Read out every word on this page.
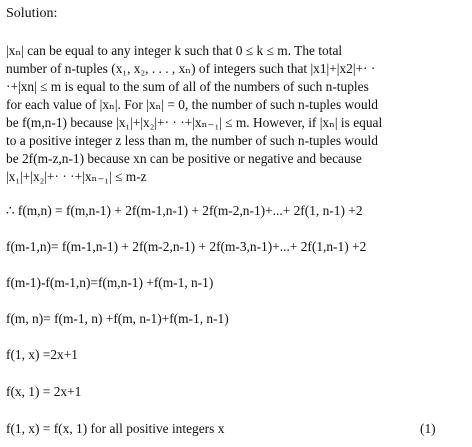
Solution:
|xₙ| can be equal to any integer k such that 0 ≤ k ≤ m. The total
number of n-tuples (x₁, x₂, . . . , xₙ) of integers such that |x1|+|x2|+· ·
·+|xn| ≤ m is equal to the sum of all of the numbers of such n-tuples
for each value of |xₙ|. For |xₙ| = 0, the number of such n-tuples would
be f(m,n-1) because |x₁|+|x₂|+· · ·+|xₙ₋₁| ≤ m. However, if |xₙ| is equal
to a positive integer z less than m, the number of such n-tuples would
be 2f(m-z,n-1) because xn can be positive or negative and because
|x₁|+|x₂|+· · ·+|xₙ₋₁| ≤ m-z
∴ f(m,n) = f(m,n-1) + 2f(m-1,n-1) + 2f(m-2,n-1)+...+ 2f(1, n-1) +2
f(m-1,n)= f(m-1,n-1) + 2f(m-2,n-1) + 2f(m-3,n-1)+...+ 2f(1,n-1) +2
f(m-1)-f(m-1,n)=f(m,n-1) +f(m-1, n-1)
f(m, n)= f(m-1, n) +f(m, n-1)+f(m-1, n-1)
f(1, x) =2x+1
f(x, 1) = 2x+1
f(1, x) = f(x, 1) for all positive integers x	(1)
